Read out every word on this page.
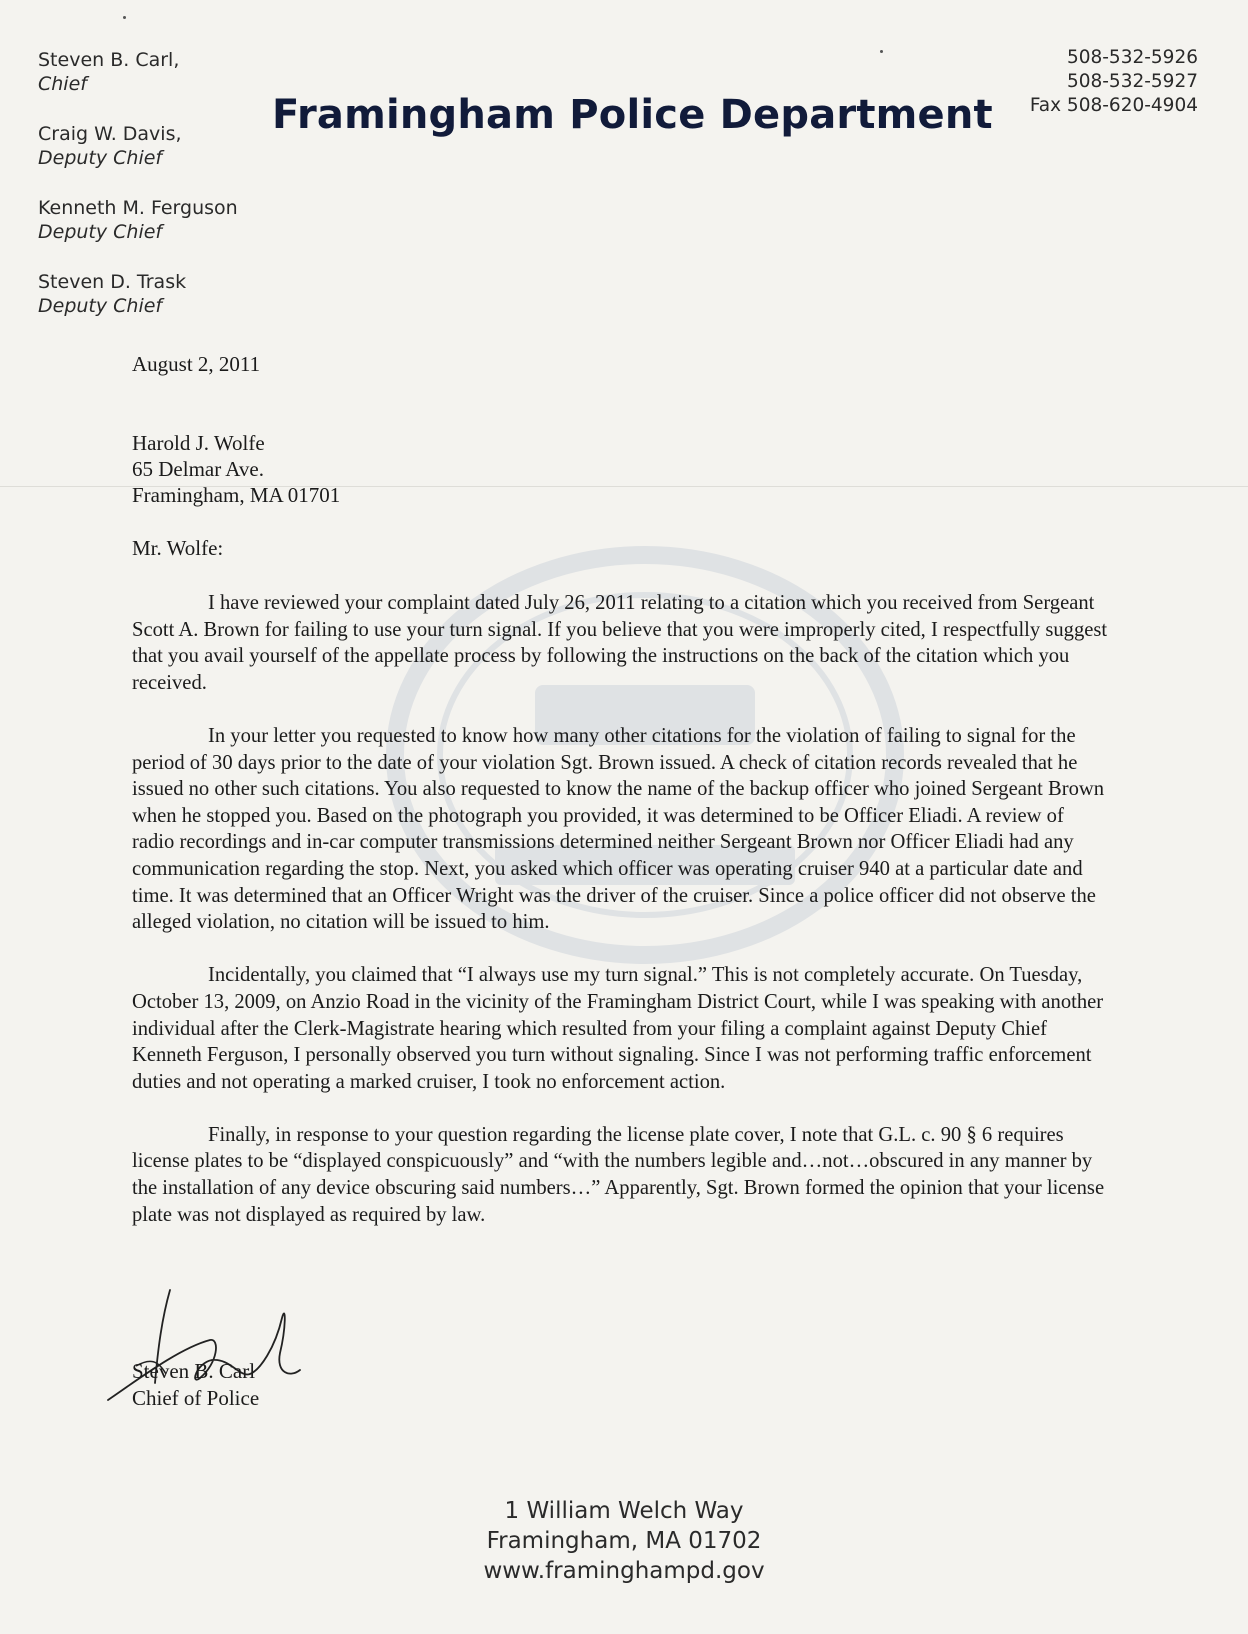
Steven B. Carl,
Chief
Craig W. Davis,
Deputy Chief
Kenneth M. Ferguson
Deputy Chief
Steven D. Trask
Deputy Chief
Framingham Police Department
508-532-5926
508-532-5927
Fax 508-620-4904
August 2, 2011
Harold J. Wolfe
65 Delmar Ave.
Framingham, MA 01701
Mr. Wolfe:

I have reviewed your complaint dated July 26, 2011 relating to a citation which you received from Sergeant Scott A. Brown for failing to use your turn signal. If you believe that you were improperly cited, I respectfully suggest that you avail yourself of the appellate process by following the instructions on the back of the citation which you received.

In your letter you requested to know how many other citations for the violation of failing to signal for the period of 30 days prior to the date of your violation Sgt. Brown issued. A check of citation records revealed that he issued no other such citations. You also requested to know the name of the backup officer who joined Sergeant Brown when he stopped you. Based on the photograph you provided, it was determined to be Officer Eliadi. A review of radio recordings and in-car computer transmissions determined neither Sergeant Brown nor Officer Eliadi had any communication regarding the stop. Next, you asked which officer was operating cruiser 940 at a particular date and time. It was determined that an Officer Wright was the driver of the cruiser. Since a police officer did not observe the alleged violation, no citation will be issued to him.

Incidentally, you claimed that “I always use my turn signal.” This is not completely accurate. On Tuesday, October 13, 2009, on Anzio Road in the vicinity of the Framingham District Court, while I was speaking with another individual after the Clerk-Magistrate hearing which resulted from your filing a complaint against Deputy Chief Kenneth Ferguson, I personally observed you turn without signaling. Since I was not performing traffic enforcement duties and not operating a marked cruiser, I took no enforcement action.

Finally, in response to your question regarding the license plate cover, I note that G.L. c. 90 § 6 requires license plates to be “displayed conspicuously” and “with the numbers legible and…not…obscured in any manner by the installation of any device obscuring said numbers…” Apparently, Sgt. Brown formed the opinion that your license plate was not displayed as required by law.

Steven B. Carl
Chief of Police
1 William Welch Way
Framingham, MA 01702
www.framinghampd.gov
